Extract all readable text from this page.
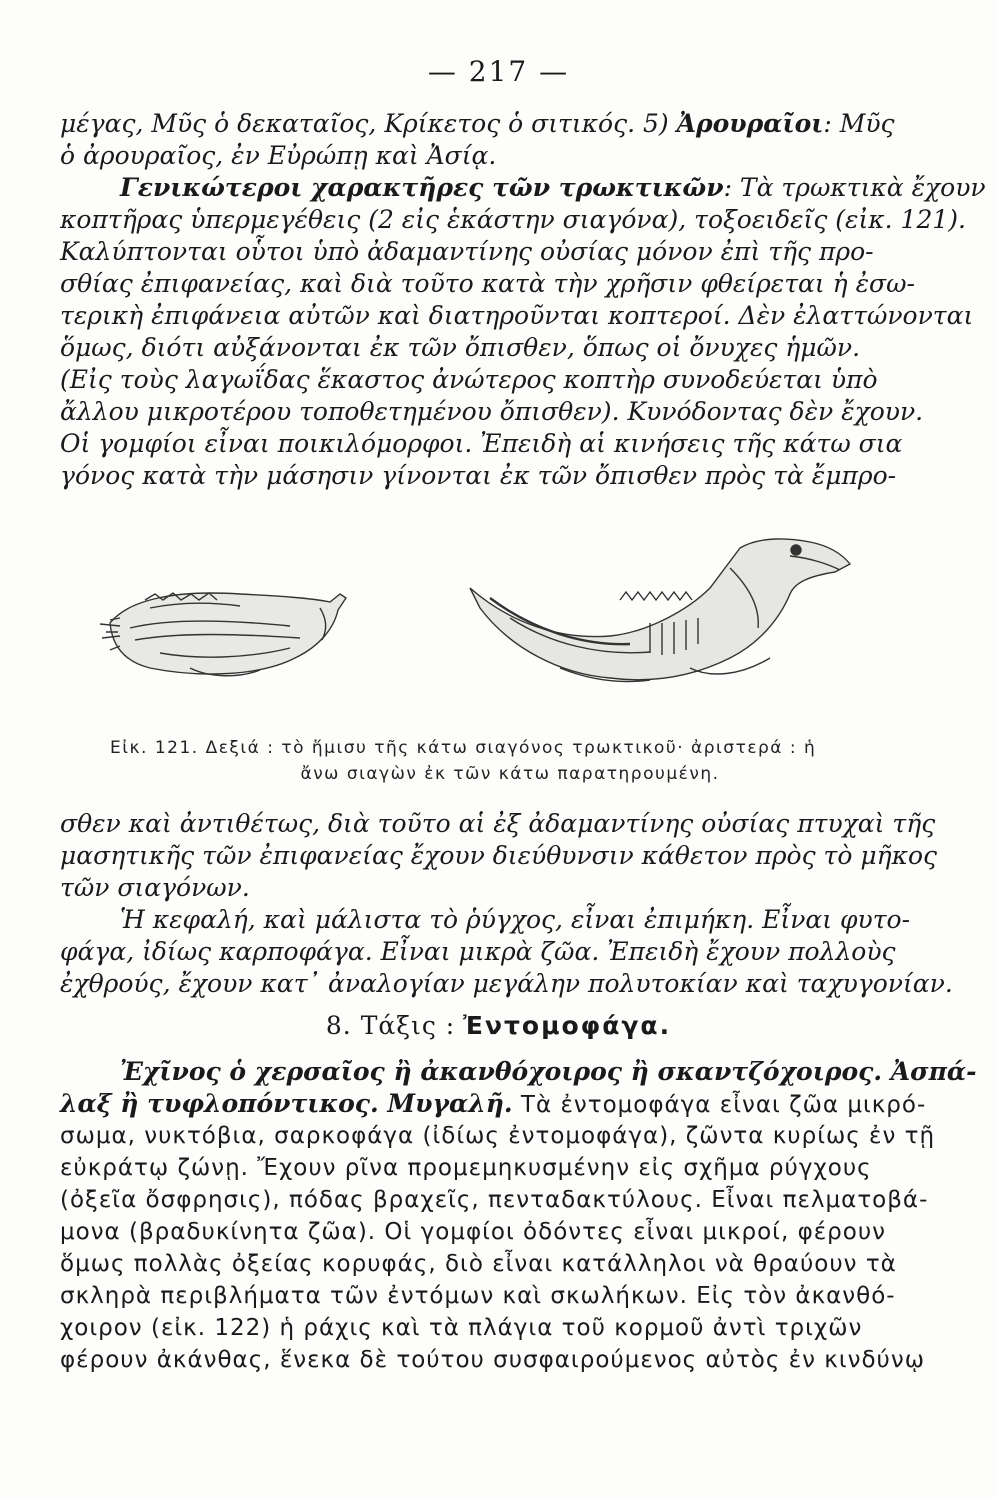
— 217 —
μέγας, Μῦς ὁ δεκαταῖος, Κρίκετος ὁ σιτικός. 5) Ἀρουραῖοι: Μῦς
ὁ ἀρουραῖος, ἐν Εὐρώπῃ καὶ Ἀσίᾳ.
Γενικώτεροι χαρακτῆρες τῶν τρωκτικῶν: Τὰ τρωκτικὰ ἔχουν
κοπτῆρας ὑπερμεγέθεις (2 εἰς ἑκάστην σιαγόνα), τοξοειδεῖς (εἰκ. 121).
Καλύπτονται οὗτοι ὑπὸ ἀδαμαντίνης οὐσίας μόνον ἐπὶ τῆς προ-
σθίας ἐπιφανείας, καὶ διὰ τοῦτο κατὰ τὴν χρῆσιν φθείρεται ἡ ἐσω-
τερικὴ ἐπιφάνεια αὐτῶν καὶ διατηροῦνται κοπτεροί. Δὲν ἐλαττώνονται
ὅμως, διότι αὐξάνονται ἐκ τῶν ὄπισθεν, ὅπως οἱ ὄνυχες ἡμῶν.
(Εἰς τοὺς λαγωΐδας ἕκαστος ἀνώτερος κοπτὴρ συνοδεύεται ὑπὸ
ἄλλου μικροτέρου τοποθετημένου ὄπισθεν). Κυνόδοντας δὲν ἔχουν.
Οἱ γομφίοι εἶναι ποικιλόμορφοι. Ἐπειδὴ αἱ κινήσεις τῆς κάτω σια
γόνος κατὰ τὴν μάσησιν γίνονται ἐκ τῶν ὄπισθεν πρὸς τὰ ἔμπρο-
Εἰκ. 121. Δεξιά : τὸ ἥμισυ τῆς κάτω σιαγόνος τρωκτικοῦ· ἀριστερά : ἡ
ἄνω σιαγὼν ἐκ τῶν κάτω παρατηρουμένη.
σθεν καὶ ἀντιθέτως, διὰ τοῦτο αἱ ἐξ ἀδαμαντίνης οὐσίας πτυχαὶ τῆς
μασητικῆς τῶν ἐπιφανείας ἔχουν διεύθυνσιν κάθετον πρὸς τὸ μῆκος
τῶν σιαγόνων.
Ἡ κεφαλή, καὶ μάλιστα τὸ ῥύγχος, εἶναι ἐπιμήκη. Εἶναι φυτο-
φάγα, ἰδίως καρποφάγα. Εἶναι μικρὰ ζῶα. Ἐπειδὴ ἔχουν πολλοὺς
ἐχθρούς, ἔχουν κατ᾽ ἀναλογίαν μεγάλην πολυτοκίαν καὶ ταχυγονίαν.
8. Τάξις : Ἐντομοφάγα.
Ἐχῖνος ὁ χερσαῖος ἢ ἀκανθόχοιρος ἢ σκαντζόχοιρος. Ἀσπά-
λαξ ἢ τυφλοπόντικος. Μυγαλῆ. Τὰ ἐντομοφάγα εἶναι ζῶα μικρό-
σωμα, νυκτόβια, σαρκοφάγα (ἰδίως ἐντομοφάγα), ζῶντα κυρίως ἐν τῇ
εὐκράτῳ ζώνῃ. Ἔχουν ρῖνα προμεμηκυσμένην εἰς σχῆμα ρύγχους
(ὀξεῖα ὄσφρησις), πόδας βραχεῖς, πενταδακτύλους. Εἶναι πελματοβά-
μονα (βραδυκίνητα ζῶα). Οἱ γομφίοι ὀδόντες εἶναι μικροί, φέρουν
ὅμως πολλὰς ὀξείας κορυφάς, διὸ εἶναι κατάλληλοι νὰ θραύουν τὰ
σκληρὰ περιβλήματα τῶν ἐντόμων καὶ σκωλήκων. Εἰς τὸν ἀκανθό-
χοιρον (εἰκ. 122) ἡ ράχις καὶ τὰ πλάγια τοῦ κορμοῦ ἀντὶ τριχῶν
φέρουν ἀκάνθας, ἕνεκα δὲ τούτου συσφαιρούμενος αὐτὸς ἐν κινδύνῳ
